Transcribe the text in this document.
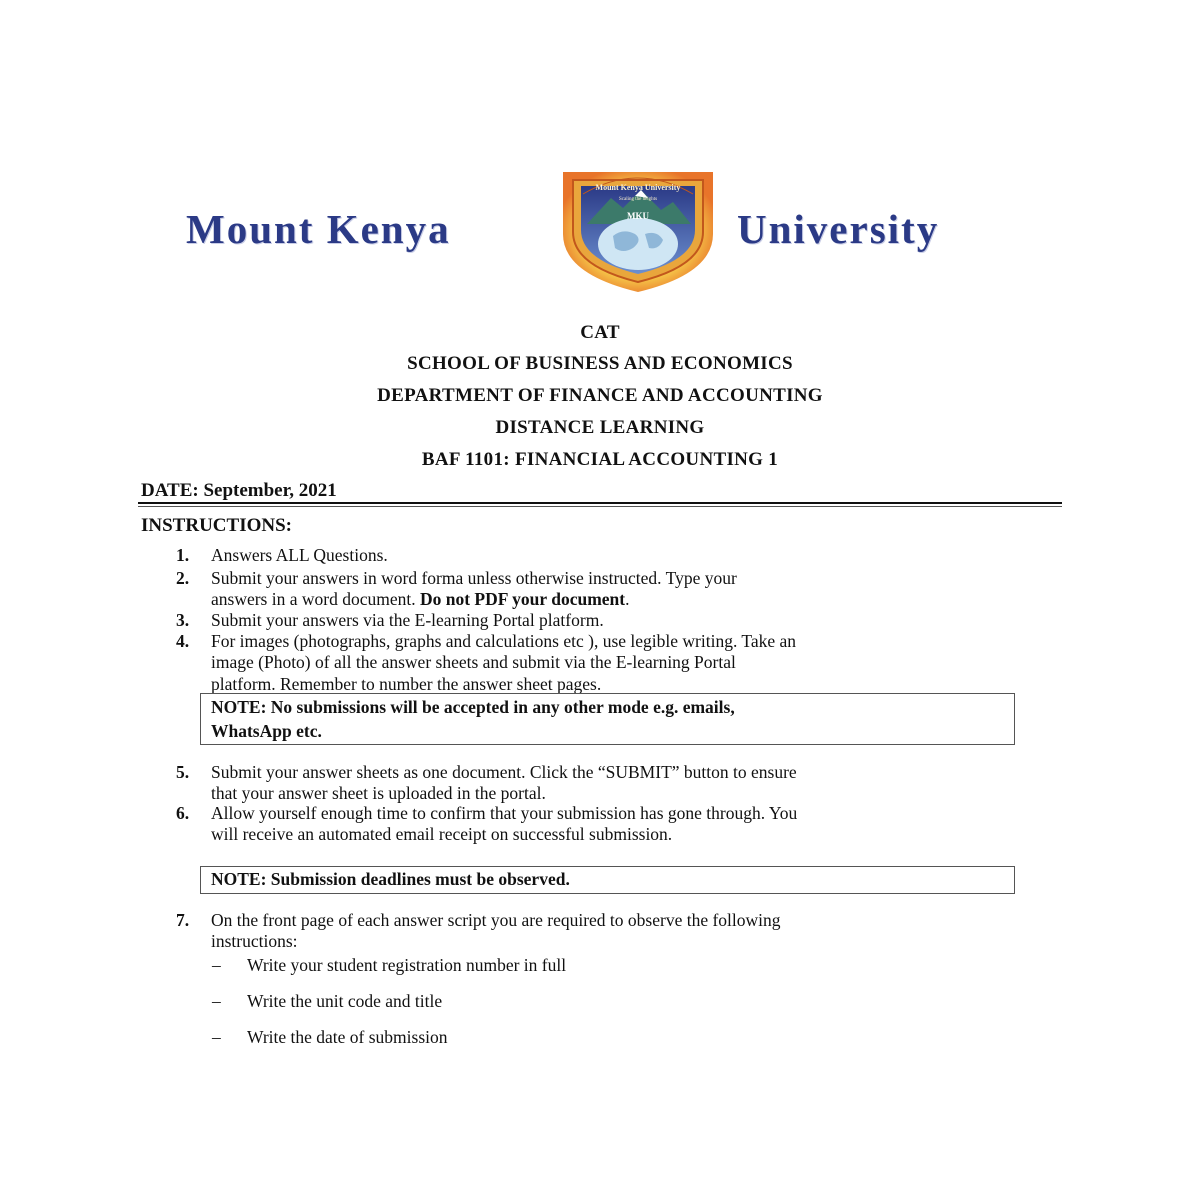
Mount Kenya
Mount Kenya University
Scaling the heights
MKU University
CAT
SCHOOL OF BUSINESS AND ECONOMICS
DEPARTMENT OF FINANCE AND ACCOUNTING
DISTANCE LEARNING
BAF 1101: FINANCIAL ACCOUNTING 1
DATE: September, 2021
INSTRUCTIONS:
1. Answers ALL Questions.
2. Submit your answers in word forma unless otherwise instructed. Type your
answers in a word document. Do not PDF your document.
3. Submit your answers via the E-learning Portal platform.
4. For images (photographs, graphs and calculations etc ), use legible writing. Take an
image (Photo) of all the answer sheets and submit via the E-learning Portal
platform. Remember to number the answer sheet pages.
NOTE: No submissions will be accepted in any other mode e.g. emails,
WhatsApp etc.
5. Submit your answer sheets as one document. Click the “SUBMIT” button to ensure
that your answer sheet is uploaded in the portal.
6. Allow yourself enough time to confirm that your submission has gone through. You
will receive an automated email receipt on successful submission.
NOTE: Submission deadlines must be observed.
7. On the front page of each answer script you are required to observe the following
instructions:
– Write your student registration number in full
– Write the unit code and title
– Write the date of submission
